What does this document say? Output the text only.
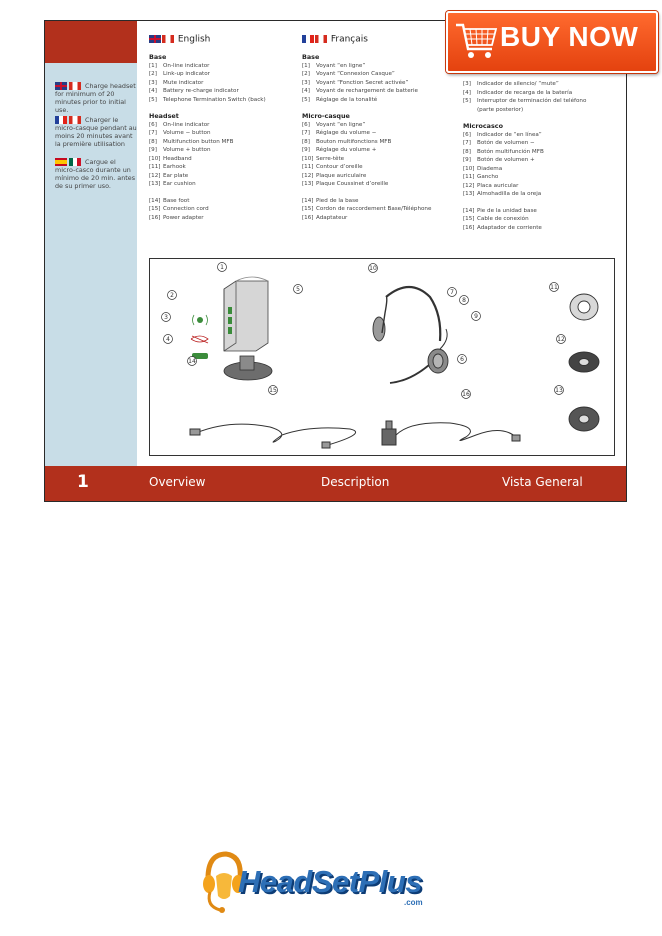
Charge headset for minimum of 20 minutes prior to initial use.
Charger le micro-casque pendant au moins 20 minutes avant la première utilisation
Cargue el micro-casco durante un mínimo de 20 min. antes de su primer uso.
English
Base
[1] On-line indicator
[2] Link-up indicator
[3] Mute indicator
[4] Battery re-charge indicator
[5] Telephone Termination Switch (back)
Headset
[6] On-line indicator
[7] Volume − button
[8] Multifunction button MFB
[9] Volume + button
[10] Headband
[11] Earhook
[12] Ear plate
[13] Ear cushion
[14] Base foot
[15] Connection cord
[16] Power adapter
Français
Base
[1] Voyant “en ligne”
[2] Voyant “Connexion Casque”
[3] Voyant “Fonction Secret activée”
[4] Voyant de rechargement de batterie
[5] Réglage de la tonalité
Micro-casque
[6] Voyant “en ligne”
[7] Réglage du volume −
[8] Bouton multifonctions MFB
[9] Réglage du volume +
[10] Serre-tête
[11] Contour d’oreille
[12] Plaque auriculaire
[13] Plaque Coussinet d’oreille
[14] Pied de la base
[15] Cordon de raccordement Base/Téléphone
[16] Adaptateur
[3] Indicador de silencio/ “mute”
[4] Indicador de recarga de la batería
[5] Interruptor de terminación del teléfono
(parte posterior)
Microcasco
[6] Indicador de “en línea”
[7] Botón de volumen −
[8] Botón multifunción MFB
[9] Botón de volumen +
[10] Diadema
[11] Gancho
[12] Placa auricular
[13] Almohadilla de la oreja
[14] Pie de la unidad base
[15] Cable de conexión
[16] Adaptador de corriente
1
2
3
4
5
10
7
8
9
6
11
12
13
14
15
16
1	Overview	Description	Vista General
BUY NOW
HeadSetPlus
.com
